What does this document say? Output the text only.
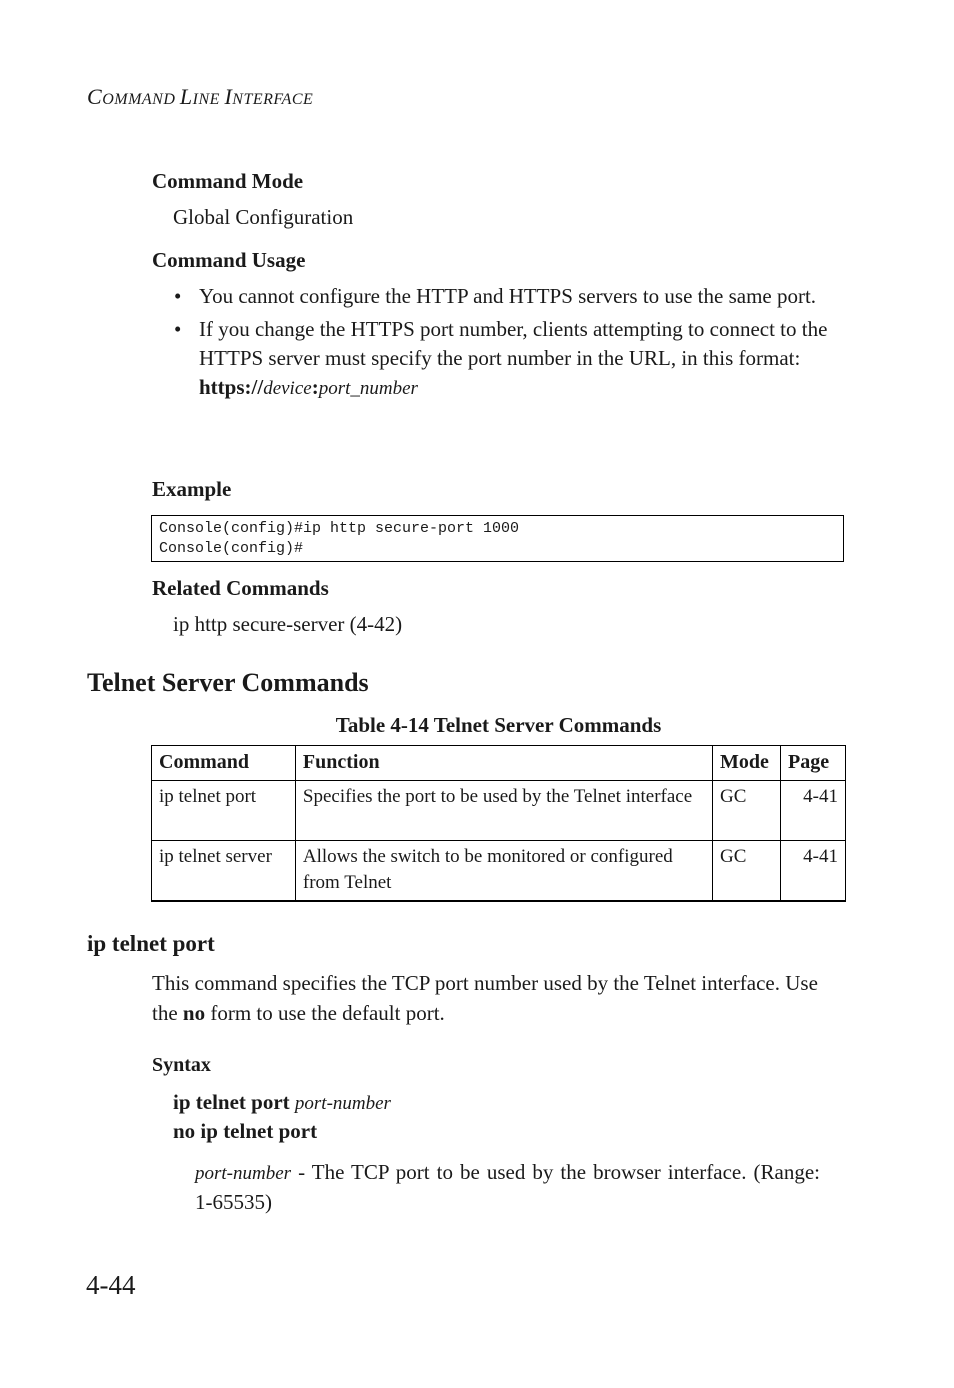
COMMAND LINE INTERFACE
Command Mode
Global Configuration
Command Usage
• You cannot configure the HTTP and HTTPS servers to use the same port.
• If you change the HTTPS port number, clients attempting to connect to the HTTPS server must specify the port number in the URL, in this format:
https://device:port_number
Example
Console(config)#ip http secure-port 1000
Console(config)#
Related Commands
ip http secure-server (4-42)
Telnet Server Commands
Table 4-14 Telnet Server Commands
Command	Function	Mode	Page
ip telnet port	Specifies the port to be used by the Telnet interface	GC	4-41
ip telnet server	Allows the switch to be monitored or configured from Telnet	GC	4-41
ip telnet port
This command specifies the TCP port number used by the Telnet interface. Use the no form to use the default port.
Syntax
ip telnet port port-number
no ip telnet port
port-number - The TCP port to be used by the browser interface. (Range: 1-65535)
4-44
